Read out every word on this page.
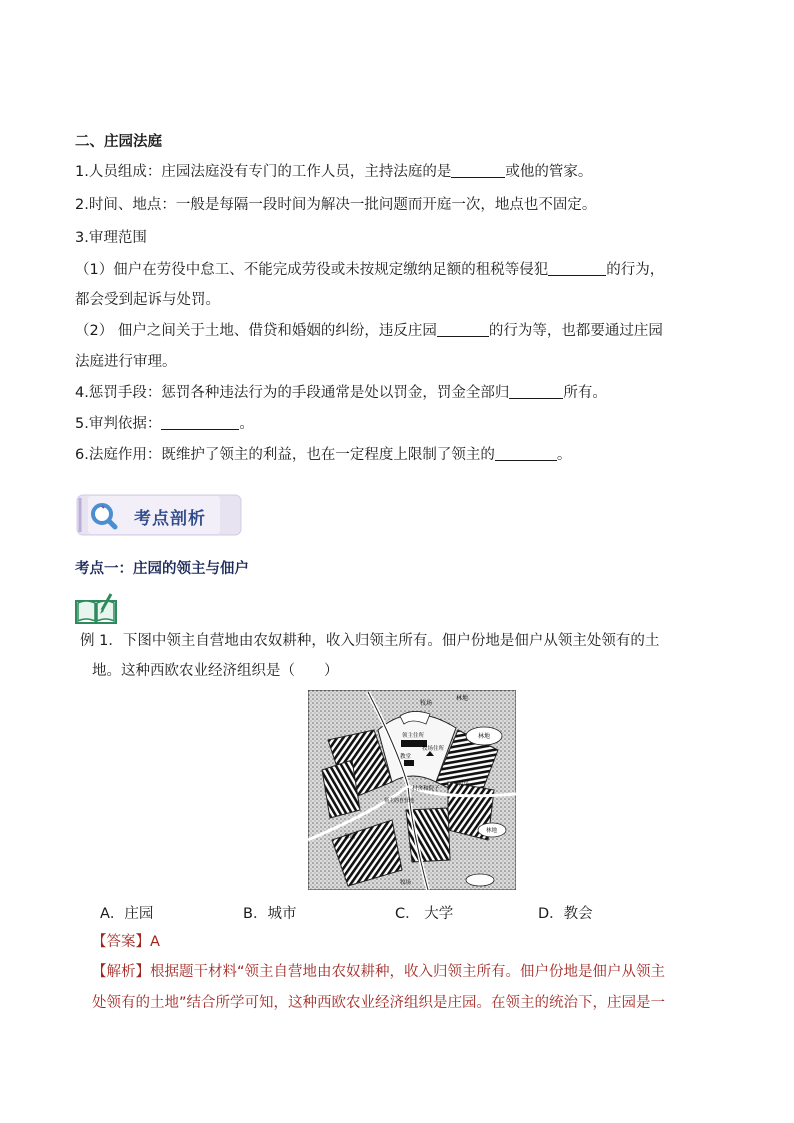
二、庄园法庭
1.人员组成：庄园法庭没有专门的工作人员，主持法庭的是	或他的管家。
2.时间、地点：一般是每隔一段时间为解决一批问题而开庭一次，地点也不固定。
3.审理范围
（1）佃户在劳役中怠工、不能完成劳役或未按规定缴纳足额的租税等侵犯	的行为，
都会受到起诉与处罚。
（2） 佃户之间关于土地、借贷和婚姻的纠纷，违反庄园	的行为等，也都要通过庄园
法庭进行审理。
4.惩罚手段：惩罚各种违法行为的手段通常是处以罚金，罚金全部归	所有。
5.审判依据：	。
6.法庭作用：既维护了领主的利益，也在一定程度上限制了领主的	。
考点剖析
考点一：庄园的领主与佃户
例 1．下图中领主自营地由农奴耕种，收入归领主所有。佃户份地是佃户从领主处领有的土
地。这种西欧农业经济组织是（　　）
牧场
林地
林地
领主住所
教堂
牧场住所
村舍和院子
领主的自营地
牧场
林地
牧场
份地
A．庄园	B．城市	C． 大学	D．教会
【答案】A
【解析】根据题干材料“领主自营地由农奴耕种，收入归领主所有。佃户份地是佃户从领主
处领有的土地”结合所学可知，这种西欧农业经济组织是庄园。在领主的统治下，庄园是一
